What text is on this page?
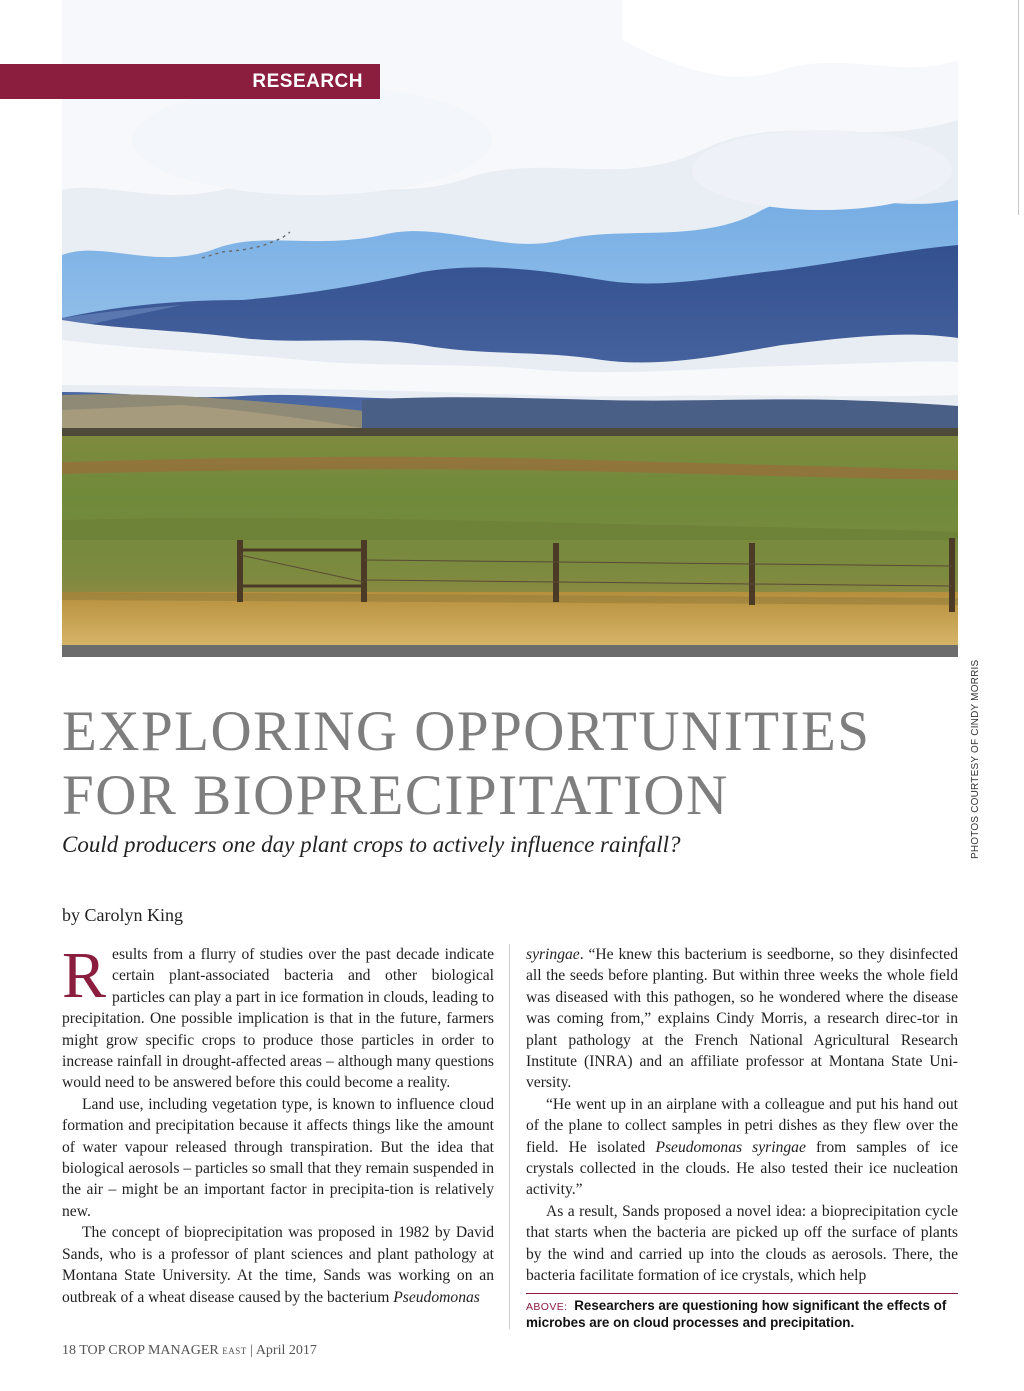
RESEARCH
PHOTOS COURTESY OF CINDY MORRIS
EXPLORING OPPORTUNITIES
FOR BIOPRECIPITATION
Could producers one day plant crops to actively influence rainfall?
by Carolyn King

Results from a flurry of studies over the past decade indicate certain plant-associated bacteria and other biological particles can play a part in ice formation in clouds, leading to precipitation. One possible implication is that in the future, farmers might grow specific crops to produce those particles in order to increase rainfall in drought-affected areas – although many questions would need to be answered before this could become a reality.

Land use, including vegetation type, is known to influence cloud formation and precipitation because it affects things like the amount of water vapour released through transpiration. But the idea that biological aerosols – particles so small that they remain suspended in the air – might be an important factor in precipita-tion is relatively new.

The concept of bioprecipitation was proposed in 1982 by David Sands, who is a professor of plant sciences and plant pathology at Montana State University. At the time, Sands was working on an outbreak of a wheat disease caused by the bacterium Pseudomonas

syringae. “He knew this bacterium is seedborne, so they disinfected all the seeds before planting. But within three weeks the whole field was diseased with this pathogen, so he wondered where the disease was coming from,” explains Cindy Morris, a research direc-tor in plant pathology at the French National Agricultural Research Institute (INRA) and an affiliate professor at Montana State Uni-versity.

“He went up in an airplane with a colleague and put his hand out of the plane to collect samples in petri dishes as they flew over the field. He isolated Pseudomonas syringae from samples of ice crystals collected in the clouds. He also tested their ice nucleation activity.”

As a result, Sands proposed a novel idea: a bioprecipitation cycle that starts when the bacteria are picked up off the surface of plants by the wind and carried up into the clouds as aerosols. There, the bacteria facilitate formation of ice crystals, which help

ABOVE: Researchers are questioning how significant the effects of microbes are on cloud processes and precipitation.
18 TOP CROP MANAGER EAST | April 2017
